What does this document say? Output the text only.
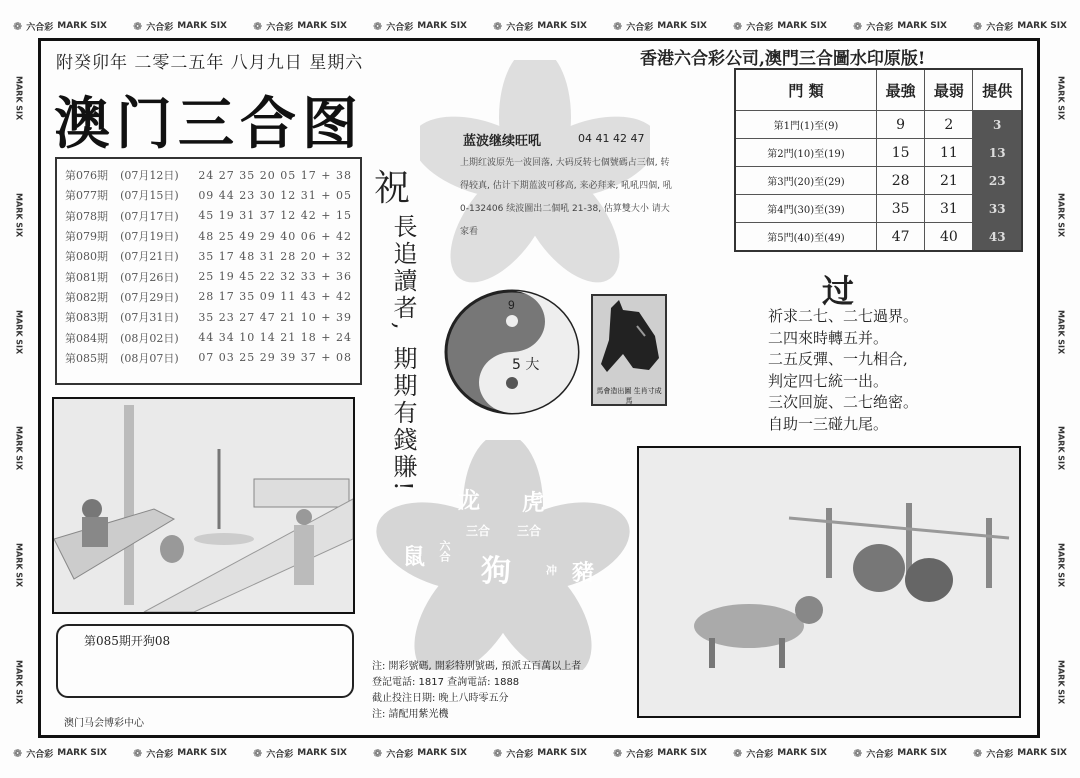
❁ 六合彩 MARK SIX ❁ 六合彩 MARK SIX ❁ 六合彩 MARK SIX ❁ 六合彩 MARK SIX ❁ 六合彩 MARK SIX ❁ 六合彩 MARK SIX ❁ 六合彩 MARK SIX ❁ 六合彩 MARK SIX ❁ 六合彩 MARK SIX
❁ 六合彩 MARK SIX ❁ 六合彩 MARK SIX ❁ 六合彩 MARK SIX ❁ 六合彩 MARK SIX ❁ 六合彩 MARK SIX ❁ 六合彩 MARK SIX ❁ 六合彩 MARK SIX ❁ 六合彩 MARK SIX ❁ 六合彩 MARK SIX
MARK SIX
MARK SIX
MARK SIX
MARK SIX
MARK SIX
MARK SIX
MARK SIX
MARK SIX
MARK SIX
MARK SIX
MARK SIX
MARK SIX
附癸卯年 二零二五年 八月九日 星期六
澳门三合图
香港六合彩公司,澳門三合圖水印原版!
第076期	(07月12日)	24 27 35 20 05 17 + 38
第077期	(07月15日)	09 44 23 30 12 31 + 05
第078期	(07月17日)	45 19 31 37 12 42 + 15
第079期	(07月19日)	48 25 49 29 40 06 + 42
第080期	(07月21日)	35 17 48 31 28 20 + 32
第081期	(07月26日)	25 19 45 22 32 33 + 36
第082期	(07月29日)	28 17 35 09 11 43 + 42
第083期	(07月31日)	35 23 27 47 21 10 + 39
第084期	(08月02日)	44 34 10 14 21 18 + 24
第085期	(08月07日)	07 03 25 29 39 37 + 08
祝
長追讀者,
期期有錢賺!
蓝波继续旺吼	04 41 42 47
上期红波原先一波回落, 大码反转七個號碼占三個, 转得较真, 估计下期蓝波可移高, 来必拜来, 吼吼四個, 吼 0-132406 续波圖出二個吼 21-38, 估算雙大小 请大家看
門 類	最強	最弱	提供
第1門(1)至(9)	9	2	3
第2門(10)至(19)	15	11	13
第3門(20)至(29)	28	21	23
第4門(30)至(39)	35	31	33
第5門(40)至(49)	47	40	43
9
5 大
馬會造出圖 生肖寸成馬
过
祈求二七、二七過界。
二四來時轉五并。
二五反彈、一九相合,
判定四七統一出。
三次回旋、二七绝密。
自助一三碰九尾。
龙 虎
三合 三合
鼠 六合
狗	冲 豬
第085期开狗08
澳门马会博彩中心
注: 開彩號碼, 開彩特別號碼, 預派五百萬以上者
登記電話: 1817 查詢電話: 1888
截止投注日期: 晚上八時零五分
注: 請配用紫光機
